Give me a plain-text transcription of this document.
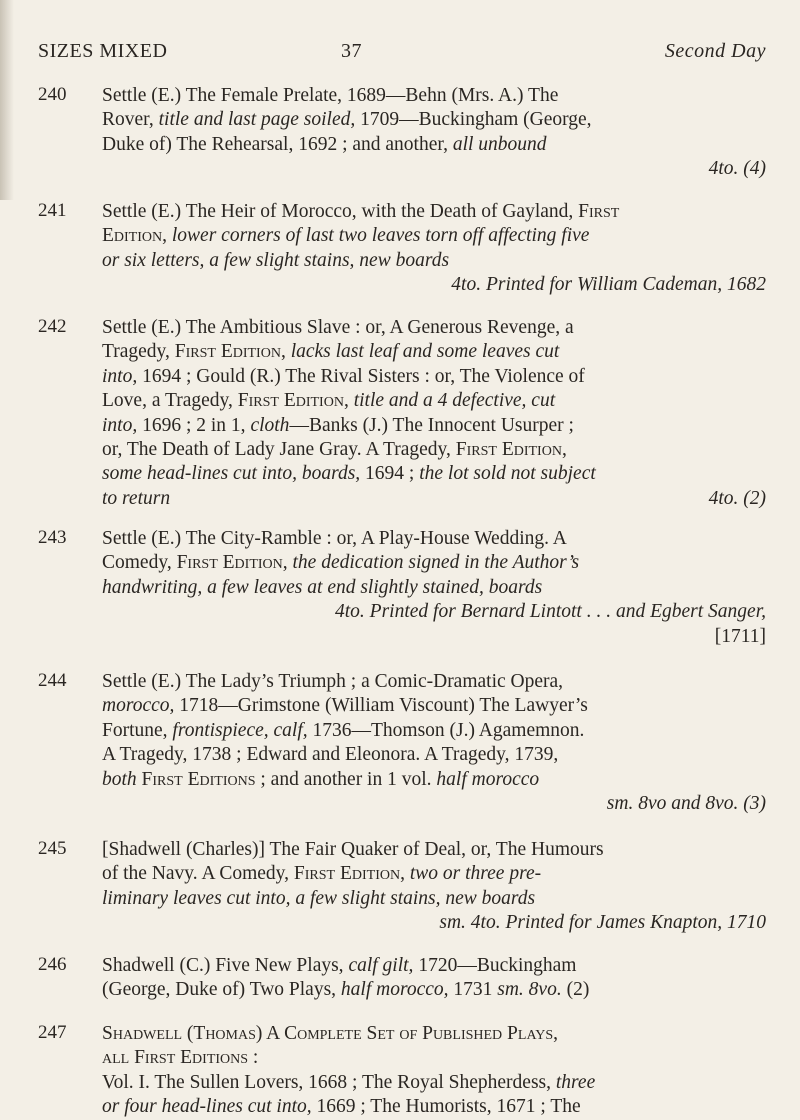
SIZES MIXED	37	Second Day
240 Settle (E.) The Female Prelate, 1689—Behn (Mrs. A.) The
Rover, title and last page soiled, 1709—Buckingham (George,
Duke of) The Rehearsal, 1692 ; and another, all unbound
4to. (4)
241 Settle (E.) The Heir of Morocco, with the Death of Gayland, First
Edition, lower corners of last two leaves torn off affecting five
or six letters, a few slight stains, new boards
4to. Printed for William Cademan, 1682
242 Settle (E.) The Ambitious Slave : or, A Generous Revenge, a
Tragedy, First Edition, lacks last leaf and some leaves cut
into, 1694 ; Gould (R.) The Rival Sisters : or, The Violence of
Love, a Tragedy, First Edition, title and a 4 defective, cut
into, 1696 ; 2 in 1, cloth—Banks (J.) The Innocent Usurper ;
or, The Death of Lady Jane Gray. A Tragedy, First Edition,
some head-lines cut into, boards, 1694 ; the lot sold not subject
to return	4to. (2)
243 Settle (E.) The City-Ramble : or, A Play-House Wedding. A
Comedy, First Edition, the dedication signed in the Author’s
handwriting, a few leaves at end slightly stained, boards
4to. Printed for Bernard Lintott . . . and Egbert Sanger,
[1711]
244 Settle (E.) The Lady’s Triumph ; a Comic-Dramatic Opera,
morocco, 1718—Grimstone (William Viscount) The Lawyer’s
Fortune, frontispiece, calf, 1736—Thomson (J.) Agamemnon.
A Tragedy, 1738 ; Edward and Eleonora. A Tragedy, 1739,
both First Editions ; and another in 1 vol. half morocco
sm. 8vo and 8vo. (3)
245 [Shadwell (Charles)] The Fair Quaker of Deal, or, The Humours
of the Navy. A Comedy, First Edition, two or three pre-
liminary leaves cut into, a few slight stains, new boards
sm. 4to. Printed for James Knapton, 1710
246 Shadwell (C.) Five New Plays, calf gilt, 1720—Buckingham
(George, Duke of) Two Plays, half morocco, 1731 sm. 8vo. (2)
247 Shadwell (Thomas) A Complete Set of Published Plays,
all First Editions :
Vol. I. The Sullen Lovers, 1668 ; The Royal Shepherdess, three
or four head-lines cut into, 1669 ; The Humorists, 1671 ; The
